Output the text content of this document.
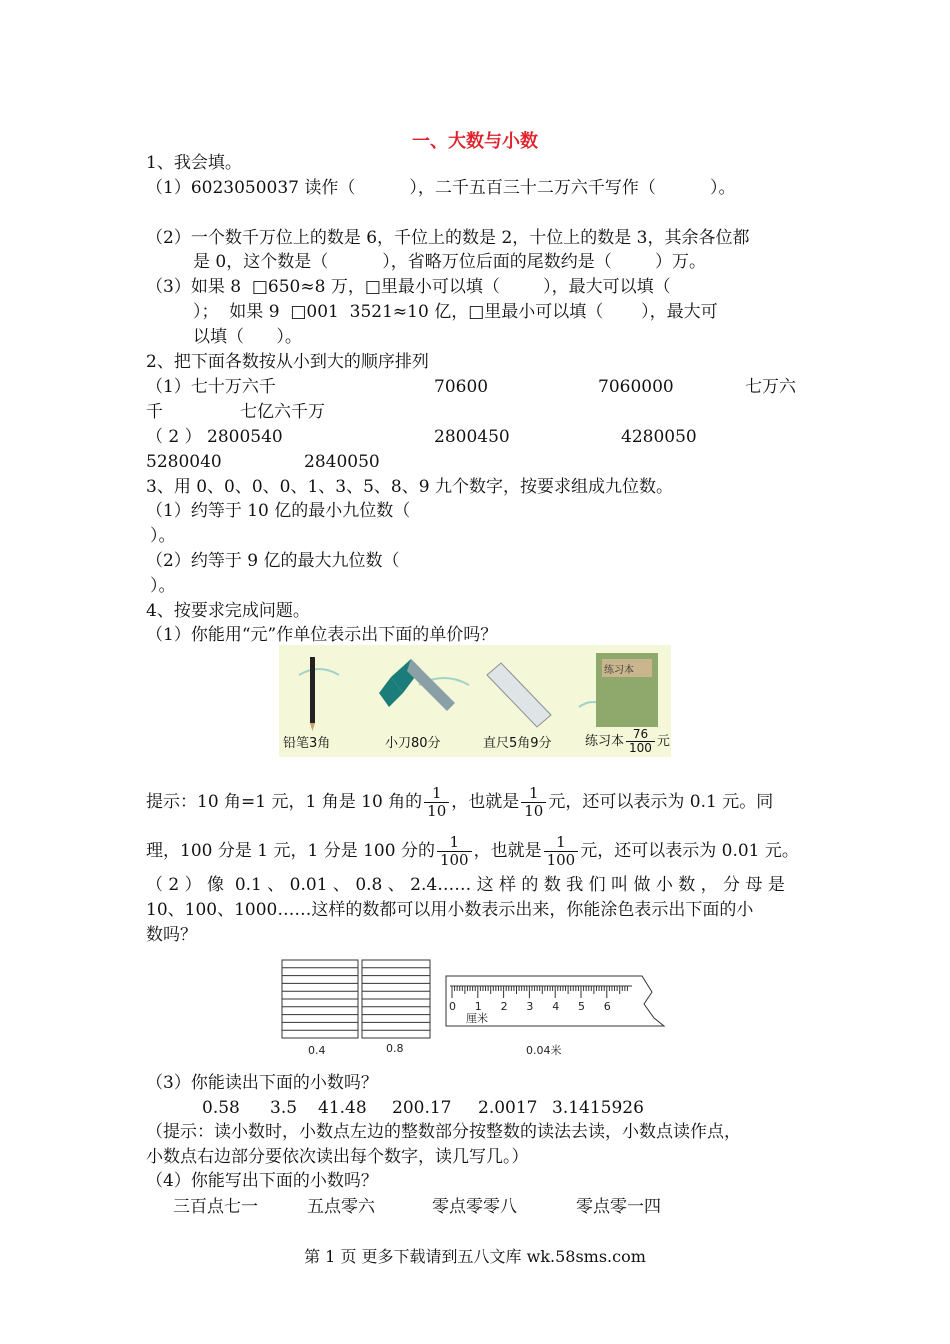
一、大数与小数
1、我会填。
（1）6023050037 读作（          ），二千五百三十二万六千写作（          ）。
（2）一个数千万位上的数是 6，千位上的数是 2，十位上的数是 3，其余各位都
是 0，这个数是（          ），省略万位后面的尾数约是（        ）万。
（3）如果 8  □650≈8 万，□里最小可以填（        ），最大可以填（
）；  如果 9  □001  3521≈10 亿，□里最小可以填（       ），最大可
以填（      ）。
2、把下面各数按从小到大的顺序排列
（1）七十万六千	70600	7060000	七万六
千	七亿六千万
（ 2 ） 2800540	2800450	4280050
5280040	2840050
3、用 0、0、0、0、1、3、5、8、9 九个数字，按要求组成九位数。
（1）约等于 10 亿的最小九位数（
）。
（2）约等于 9 亿的最大九位数（
）。
4、按要求完成问题。
（1）你能用“元”作单位表示出下面的单价吗？
练习本
铅笔3角	小刀80分	直尺5角9分	练习本 $\frac{76}{100}$ 元
提示：10 角=1 元，1 角是 10 角的 $\frac{1}{10}$ ，也就是 $\frac{1}{10}$ 元，还可以表示为 0.1 元。同
理，100 分是 1 元，1 分是 100 分的 $\frac{1}{100}$ ，也就是 $\frac{1}{100}$ 元，还可以表示为 0.01 元。
（ 2 ） 像  0.1 、 0.01 、 0.8 、 2.4…… 这 样 的 数 我 们 叫 做 小 数 ， 分 母 是
10、100、1000……这样的数都可以用小数表示出来，你能涂色表示出下面的小
数吗？
0 1 2 3 4 5 6
厘米
0.4	0.8	0.04米
（3）你能读出下面的小数吗？
0.58 3.5 41.48 200.17 2.0017 3.1415926
（提示：读小数时，小数点左边的整数部分按整数的读法去读，小数点读作点，
小数点右边部分要依次读出每个数字，读几写几。）
（4）你能写出下面的小数吗？
三百点七一	五点零六	零点零零八	零点零一四
第 1 页 更多下载请到五八文库 wk.58sms.com
